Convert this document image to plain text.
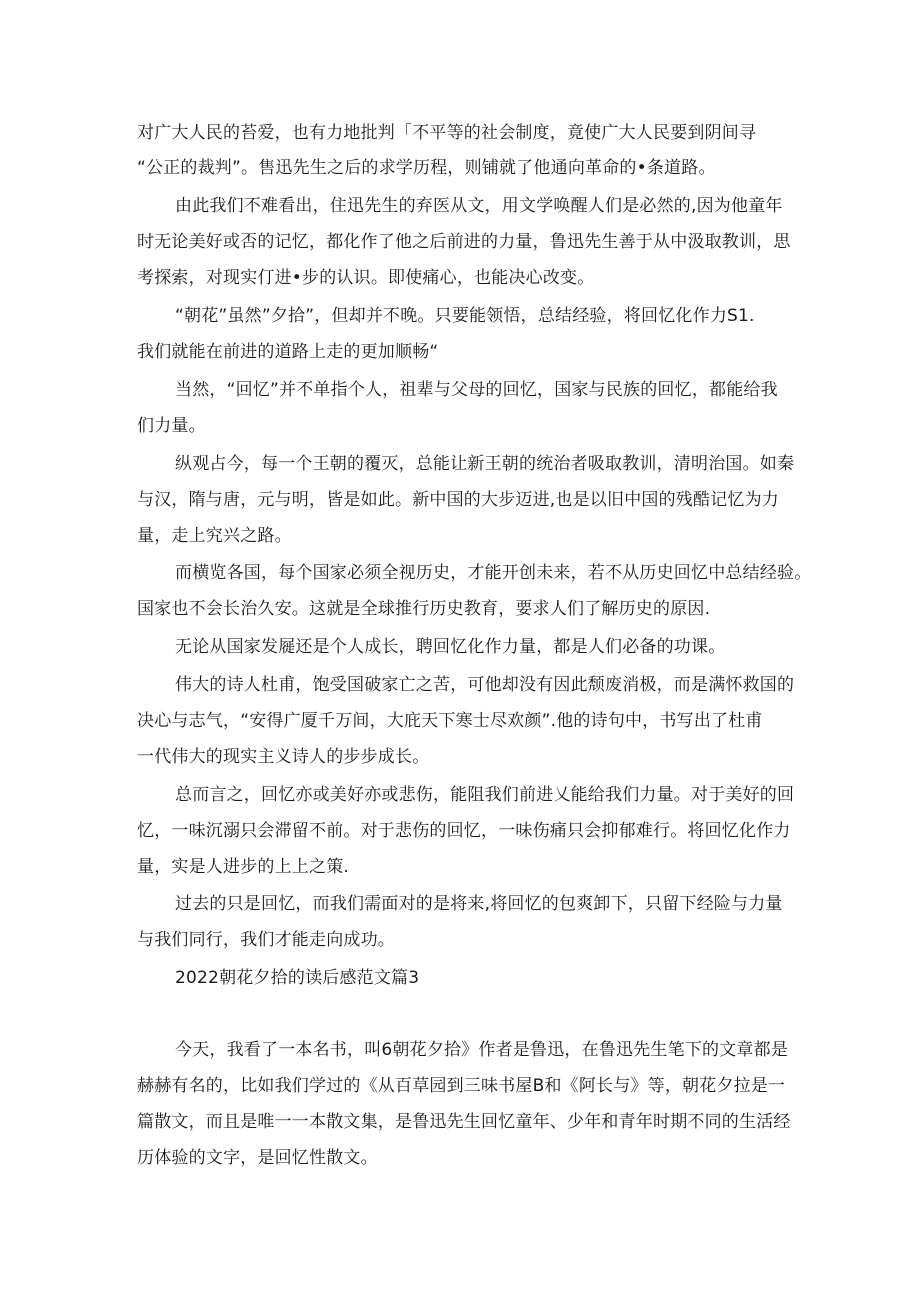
对广大人民的苔爱，也有力地批判「不平等的社会制度，竟使广大人民要到阴间寻
“公正的裁判”。售迅先生之后的求学历程，则铺就了他通向革命的•条道路。
由此我们不难看出，住迅先生的弃医从文，用文学唤醒人们是必然的,因为他童年
时无论美好或否的记忆，都化作了他之后前进的力量，鲁迅先生善于从中汲取教训，思
考探索，对现实仃进•步的认识。即使痛心，也能决心改变。
“朝花”虽然”夕拾”，但却并不晚。只要能领悟，总结经验，将回忆化作力S1.
我们就能在前进的道路上走的更加顺畅“
当然，“回忆”并不单指个人，祖辈与父母的回忆，国家与民族的回忆，都能给我
们力量。
纵观占今，每一个王朝的覆灭，总能让新王朝的统治者吸取教训，清明治国。如秦
与汉，隋与唐，元与明，皆是如此。新中国的大步迈进,也是以旧中国的残酷记忆为力
量，走上究兴之路。
而横览各国，每个国家必须全视历史，才能开创未来，若不从历史回忆中总结经验。
国家也不会长治久安。这就是全球推行历史教育，要求人们了解历史的原因.
无论从国家发屣还是个人成长，聘回忆化作力量，都是人们必备的功课。
伟大的诗人杜甫，饱受国破家亡之苦，可他却没有因此颓废消极，而是满怀救国的
决心与志气，“安得广厦千万间，大庇天下寒士尽欢颜”.他的诗句中，书写出了杜甫
一代伟大的现实主义诗人的步步成长。
总而言之，回忆亦或美好亦或悲伤，能阻我们前进乂能给我们力量。对于美好的回
忆，一味沉溺只会滞留不前。对于悲伤的回忆，一味伤痛只会抑郁难行。将回忆化作力
量，实是人进步的上上之策.
过去的只是回忆，而我们需面对的是将来,将回忆的包爽卸下，只留下经险与力量
与我们同行，我们才能走向成功。
2022朝花夕拾的读后感范文篇3
今天，我看了一本名书，叫6朝花夕拾》作者是鲁迅，在鲁迅先生笔下的文章都是
赫赫有名的，比如我们学过的《从百草园到三味书屋B和《阿长与》等，朝花夕拉是一
篇散文，而且是唯一一本散文集，是鲁迅先生回忆童年、少年和青年时期不同的生活经
历体验的文字，是回忆性散文。
